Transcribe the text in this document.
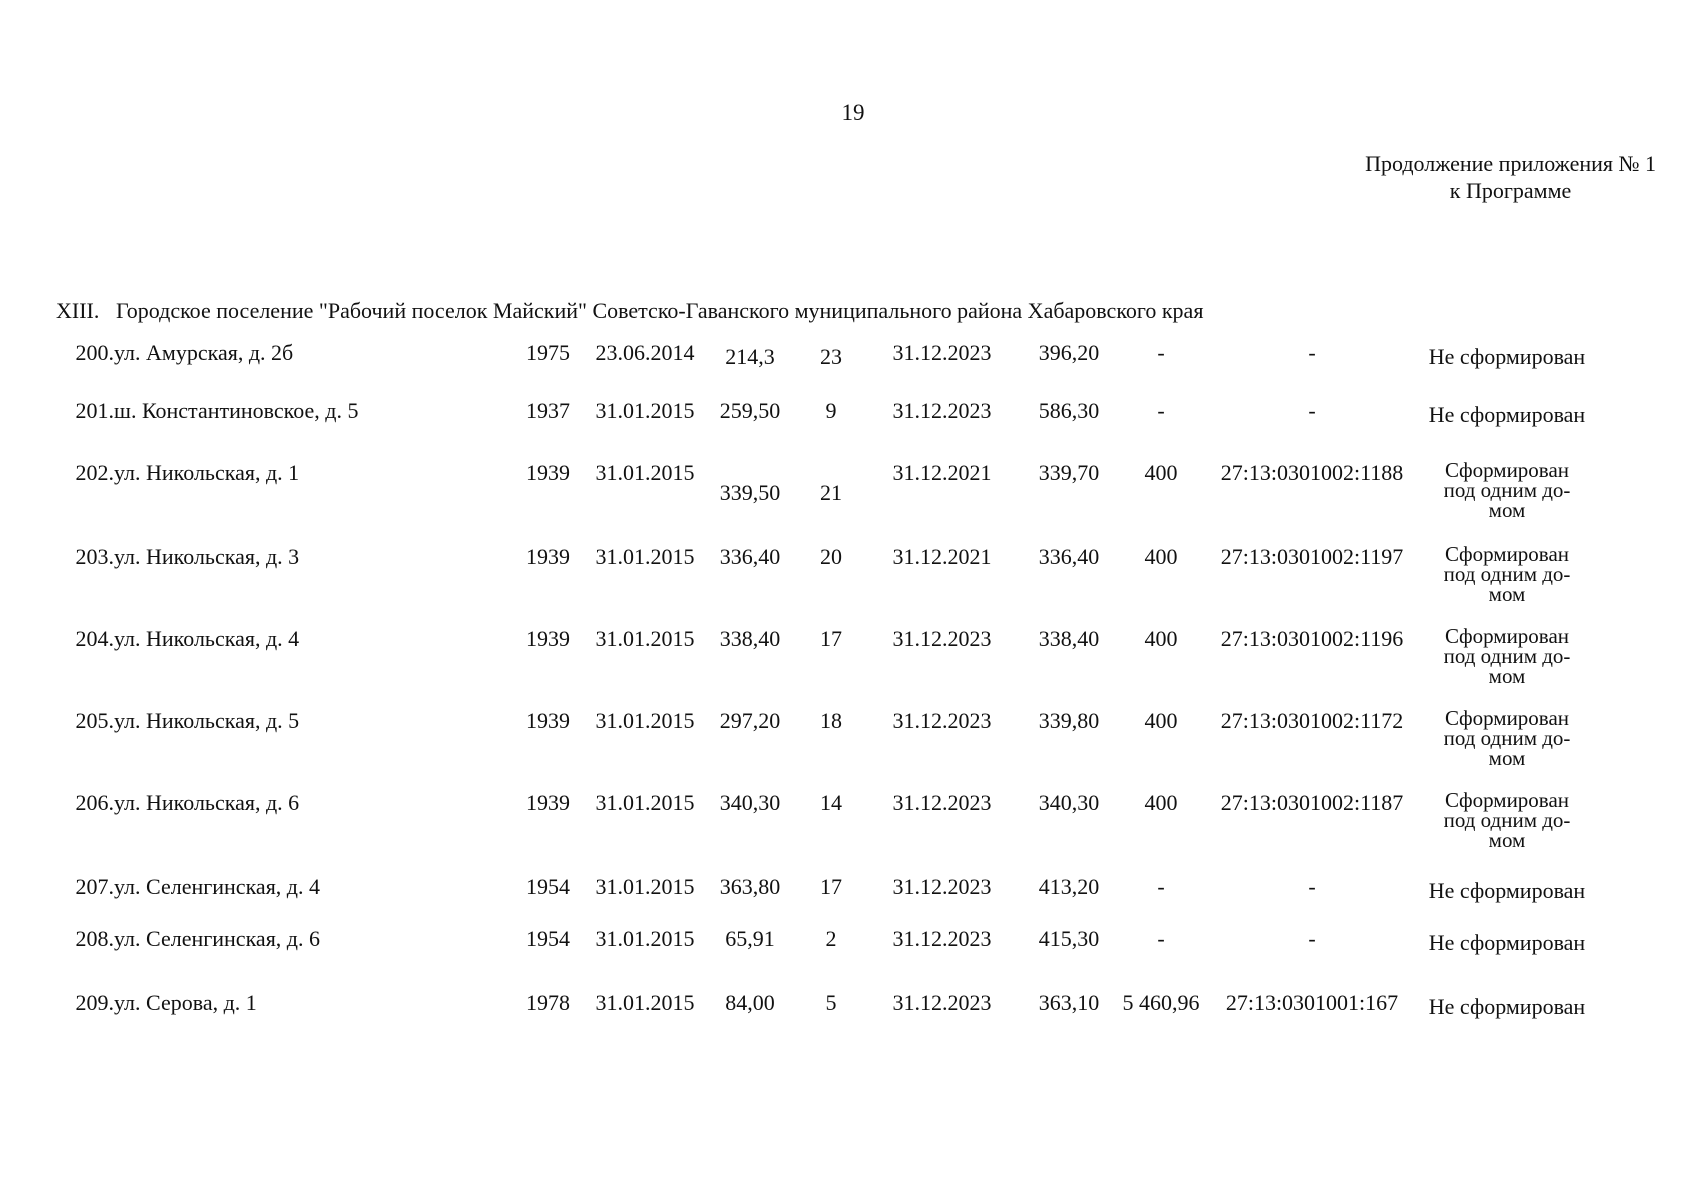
19
Продолжение приложения № 1
к Программе
XIII. Городское поселение "Рабочий поселок Майский" Советско-Гаванского муниципального района Хабаровского края
200.	ул. Амурская, д. 2б	1975	23.06.2014	214,3	23	31.12.2023	396,20	-	-	Не сформирован

201.	ш. Константиновское, д. 5	1937	31.01.2015	259,50	9	31.12.2023	586,30	-	-	Не сформирован

202.	ул. Никольская, д. 1	1939	31.01.2015	339,50	21	31.12.2021	339,70	400	27:13:0301002:1188	Сформирован
под одним до-
мом

203.	ул. Никольская, д. 3	1939	31.01.2015	336,40	20	31.12.2021	336,40	400	27:13:0301002:1197	Сформирован
под одним до-
мом

204.	ул. Никольская, д. 4	1939	31.01.2015	338,40	17	31.12.2023	338,40	400	27:13:0301002:1196	Сформирован
под одним до-
мом

205.	ул. Никольская, д. 5	1939	31.01.2015	297,20	18	31.12.2023	339,80	400	27:13:0301002:1172	Сформирован
под одним до-
мом

206.	ул. Никольская, д. 6	1939	31.01.2015	340,30	14	31.12.2023	340,30	400	27:13:0301002:1187	Сформирован
под одним до-
мом

207.	ул. Селенгинская, д. 4	1954	31.01.2015	363,80	17	31.12.2023	413,20	-	-	Не сформирован

208.	ул. Селенгинская, д. 6	1954	31.01.2015	65,91	2	31.12.2023	415,30	-	-	Не сформирован

209.	ул. Серова, д. 1	1978	31.01.2015	84,00	5	31.12.2023	363,10	5 460,96	27:13:0301001:167	Не сформирован
